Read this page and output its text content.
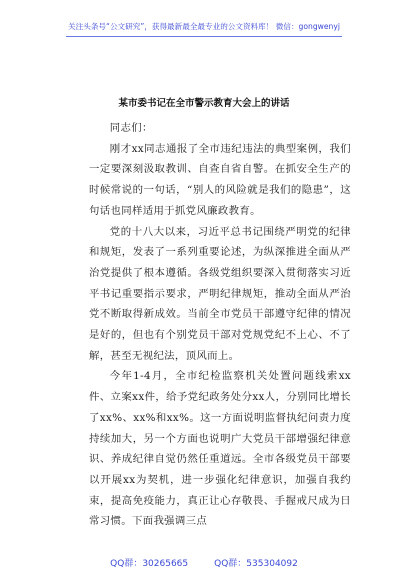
关注头条号“公文研究”，获得最新最全最专业的公文资料库！ 微信：gongwenyj
某市委书记在全市警示教育大会上的讲话

同志们：

刚才xx同志通报了全市违纪违法的典型案例，我们一定要深刻汲取教训、自查自省自警。在抓安全生产的时候常说的一句话，“别人的风险就是我们的隐患”，这句话也同样适用于抓党风廉政教育。

党的十八大以来，习近平总书记围绕严明党的纪律和规矩，发表了一系列重要论述，为纵深推进全面从严治党提供了根本遵循。各级党组织要深入贯彻落实习近平书记重要指示要求，严明纪律规矩，推动全面从严治党不断取得新成效。当前全市党员干部遵守纪律的情况是好的，但也有个别党员干部对党规党纪不上心、不了解，甚至无视纪法，顶风而上。

今年1-4月，全市纪检监察机关处置问题线索xx件、立案xx件，给予党纪政务处分xx人，分别同比增长了xx%、xx%和xx%。这一方面说明监督执纪问责力度持续加大，另一个方面也说明广大党员干部增强纪律意识、养成纪律自觉仍然任重道远。全市各级党员干部要以开展xx为契机，进一步强化纪律意识，加强自我约束，提高免疫能力，真正让心存敬畏、手握戒尺成为日常习惯。下面我强调三点

QQ群：30265665	QQ群：535304092
